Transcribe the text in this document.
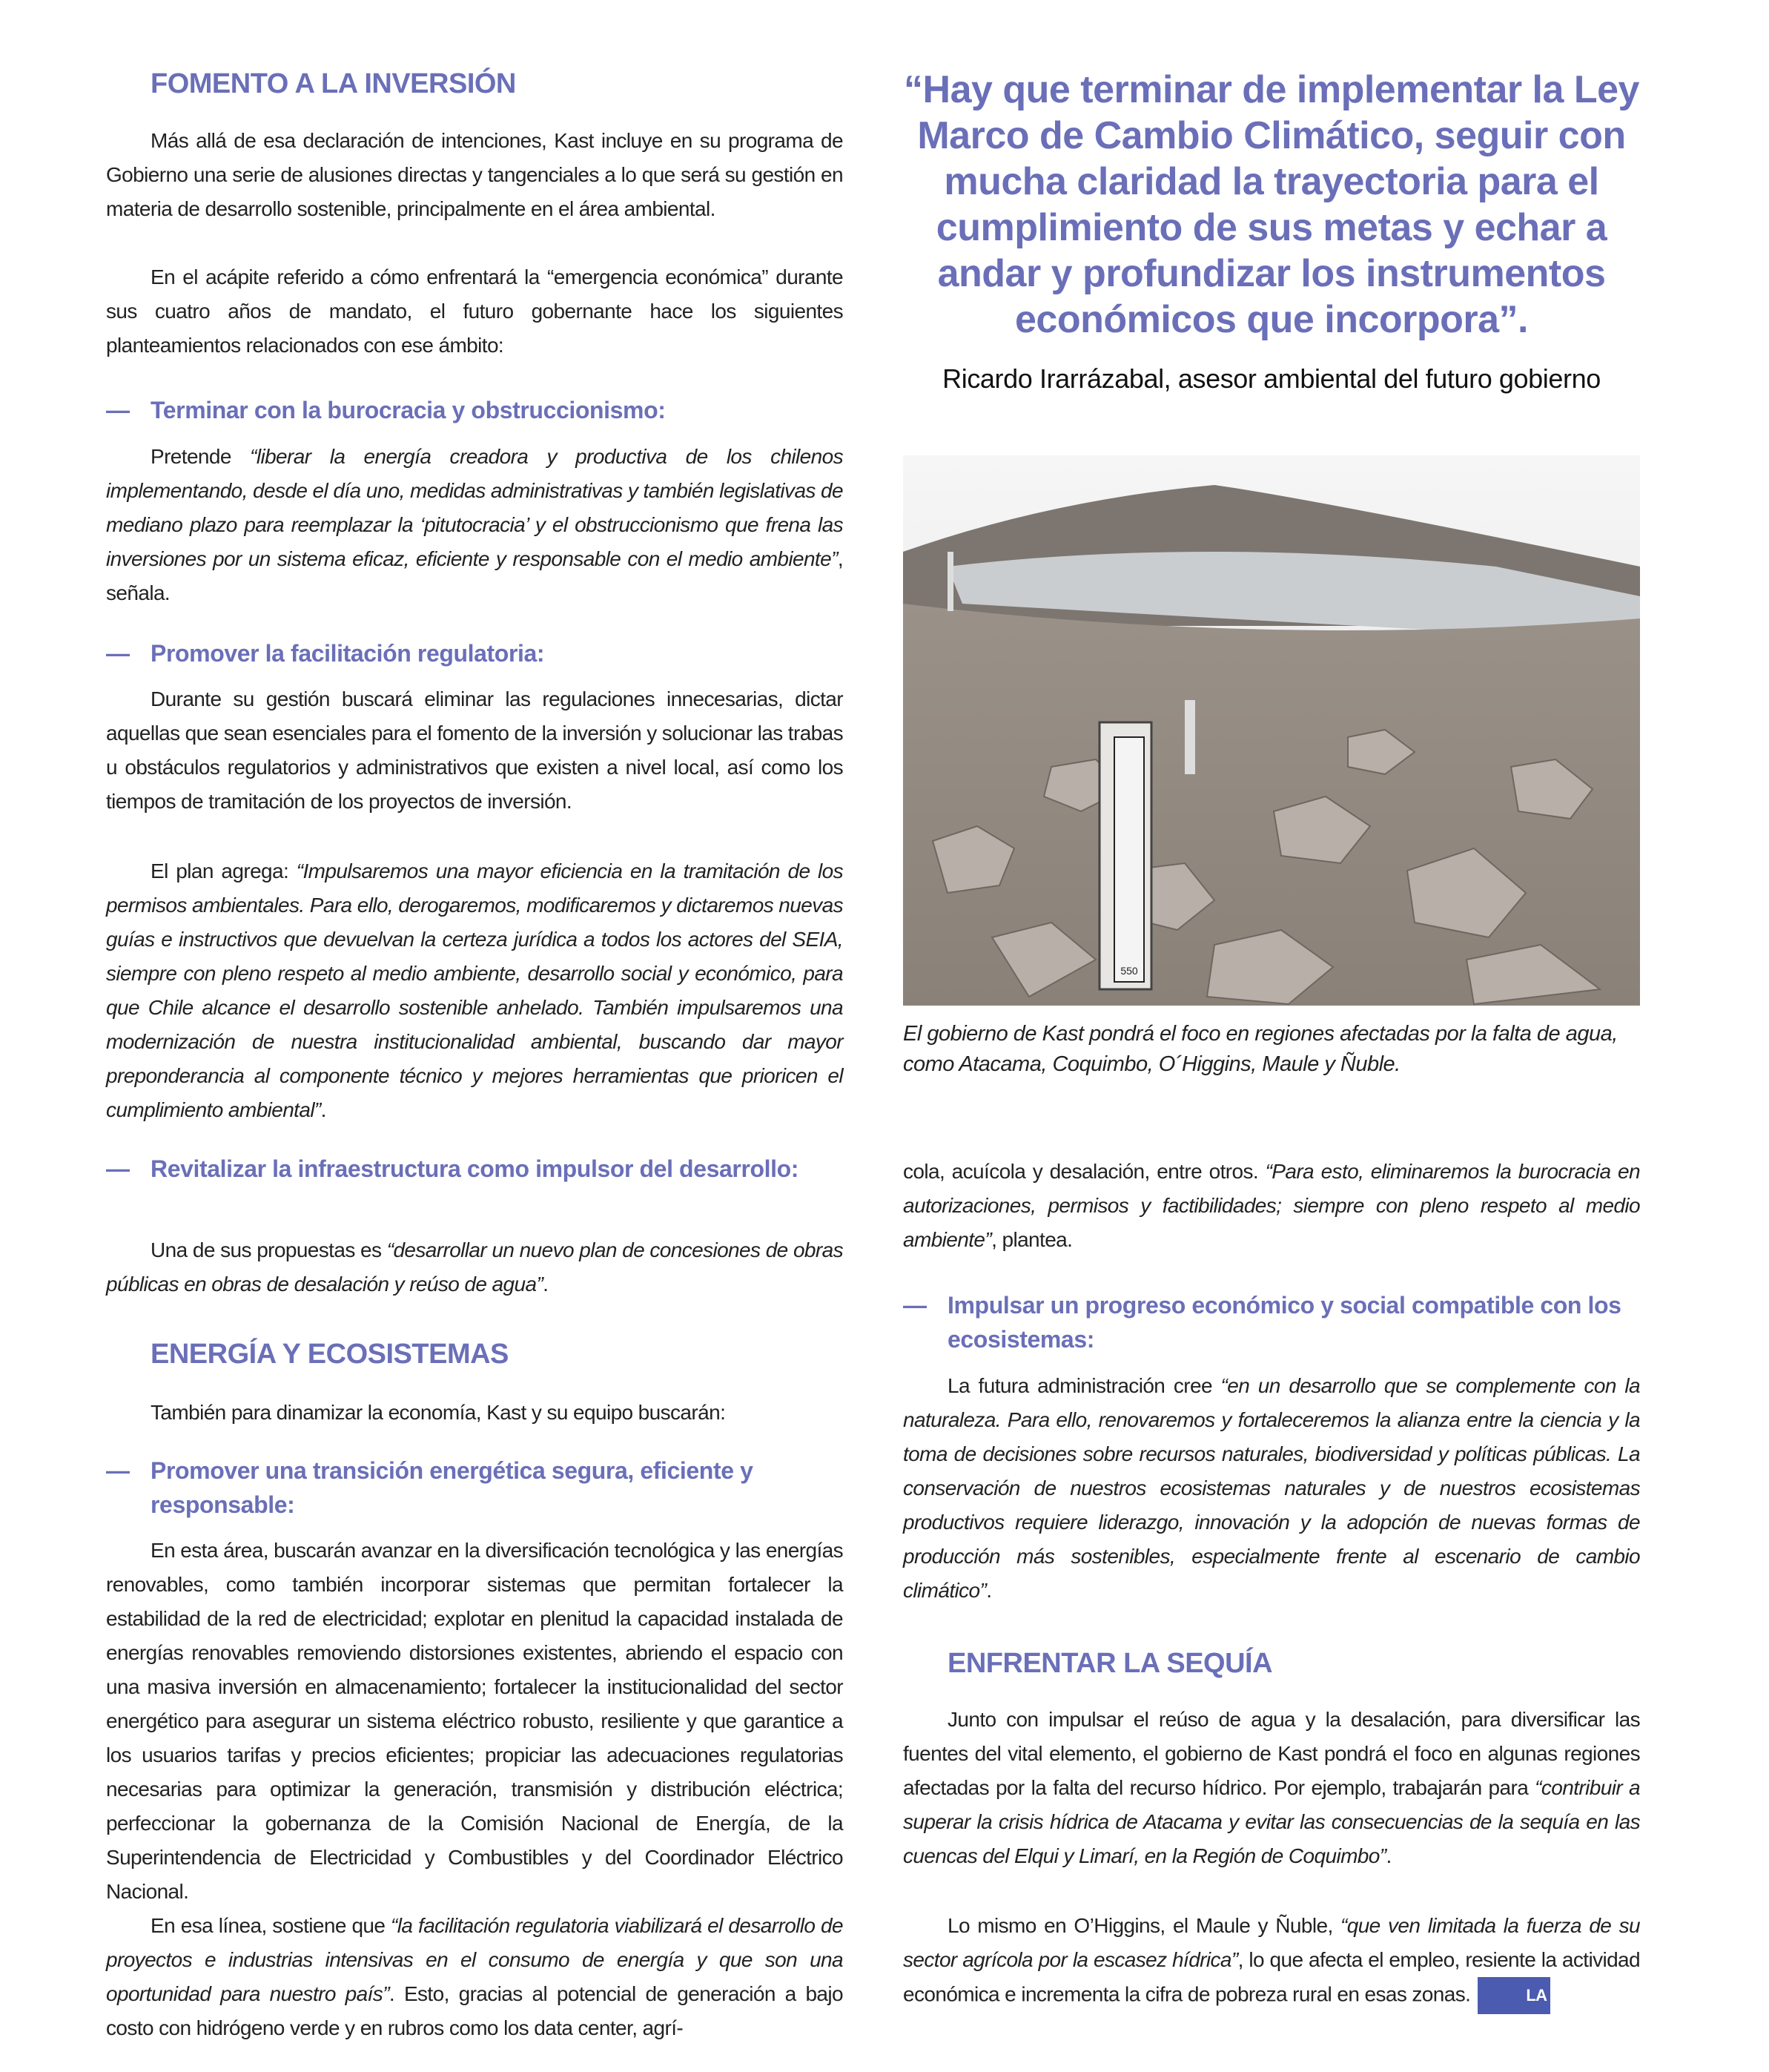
FOMENTO A LA INVERSIÓN

Más allá de esa declaración de intenciones, Kast incluye en su programa de Gobierno una serie de alusiones directas y tangenciales a lo que será su gestión en materia de desarrollo sostenible, principalmente en el área ambiental.

En el acápite referido a cómo enfrentará la “emergencia económica” durante sus cuatro años de mandato, el futuro gobernante hace los siguientes planteamientos relacionados con ese ámbito:

— Terminar con la burocracia y obstruccionismo:

Pretende “liberar la energía creadora y productiva de los chilenos implementando, desde el día uno, medidas administrativas y también legislativas de mediano plazo para reemplazar la ‘pitutocracia’ y el obstruccionismo que frena las inversiones por un sistema eficaz, eficiente y responsable con el medio ambiente”, señala.

— Promover la facilitación regulatoria:

Durante su gestión buscará eliminar las regulaciones innecesarias, dictar aquellas que sean esenciales para el fomento de la inversión y solucionar las trabas u obstáculos regulatorios y administrativos que existen a nivel local, así como los tiempos de tramitación de los proyectos de inversión.

El plan agrega: “Impulsaremos una mayor eficiencia en la tramitación de los permisos ambientales. Para ello, derogaremos, modificaremos y dictaremos nuevas guías e instructivos que devuelvan la certeza jurídica a todos los actores del SEIA, siempre con pleno respeto al medio ambiente, desarrollo social y económico, para que Chile alcance el desarrollo sostenible anhelado. También impulsaremos una modernización de nuestra institucionalidad ambiental, buscando dar mayor preponderancia al componente técnico y mejores herramientas que prioricen el cumplimiento ambiental”.

— Revitalizar la infraestructura como impulsor del desarrollo:

Una de sus propuestas es “desarrollar un nuevo plan de concesiones de obras públicas en obras de desalación y reúso de agua”.

ENERGÍA Y ECOSISTEMAS

También para dinamizar la economía, Kast y su equipo buscarán:

— Promover una transición energética segura, eficiente y responsable:

En esta área, buscarán avanzar en la diversificación tecnológica y las energías renovables, como también incorporar sistemas que permitan fortalecer la estabilidad de la red de electricidad; explotar en plenitud la capacidad instalada de energías renovables removiendo distorsiones existentes, abriendo el espacio con una masiva inversión en almacenamiento; fortalecer la institucionalidad del sector energético para asegurar un sistema eléctrico robusto, resiliente y que garantice a los usuarios tarifas y precios eficientes; propiciar las adecuaciones regulatorias necesarias para optimizar la generación, transmisión y distribución eléctrica; perfeccionar la gobernanza de la Comisión Nacional de Energía, de la Superintendencia de Electricidad y Combustibles y del Coordinador Eléctrico Nacional.

En esa línea, sostiene que “la facilitación regulatoria viabilizará el desarrollo de proyectos e industrias intensivas en el consumo de energía y que son una oportunidad para nuestro país”. Esto, gracias al potencial de generación a bajo costo con hidrógeno verde y en rubros como los data center, agrí-

“Hay que terminar de implementar la Ley Marco de Cambio Climático, seguir con mucha claridad la trayectoria para el cumplimiento de sus metas y echar a andar y profundizar los instrumentos económicos que incorpora”.

Ricardo Irarrázabal, asesor ambiental del futuro gobierno
550
El gobierno de Kast pondrá el foco en regiones afectadas por la falta de agua, como Atacama, Coquimbo, O´Higgins, Maule y Ñuble.

cola, acuícola y desalación, entre otros. “Para esto, eliminaremos la burocracia en autorizaciones, permisos y factibilidades; siempre con pleno respeto al medio ambiente”, plantea.

— Impulsar un progreso económico y social compatible con los ecosistemas:

La futura administración cree “en un desarrollo que se complemente con la naturaleza. Para ello, renovaremos y fortaleceremos la alianza entre la ciencia y la toma de decisiones sobre recursos naturales, biodiversidad y políticas públicas. La conservación de nuestros ecosistemas naturales y de nuestros ecosistemas productivos requiere liderazgo, innovación y la adopción de nuevas formas de producción más sostenibles, especialmente frente al escenario de cambio climático”.

ENFRENTAR LA SEQUÍA

Junto con impulsar el reúso de agua y la desalación, para diversificar las fuentes del vital elemento, el gobierno de Kast pondrá el foco en algunas regiones afectadas por la falta del recurso hídrico. Por ejemplo, trabajarán para “contribuir a superar la crisis hídrica de Atacama y evitar las consecuencias de la sequía en las cuencas del Elqui y Limarí, en la Región de Coquimbo”.

Lo mismo en O’Higgins, el Maule y Ñuble, “que ven limitada la fuerza de su sector agrícola por la escasez hídrica”, lo que afecta el empleo, resiente la actividad económica e incrementa la cifra de pobreza rural en esas zonas.	LA
